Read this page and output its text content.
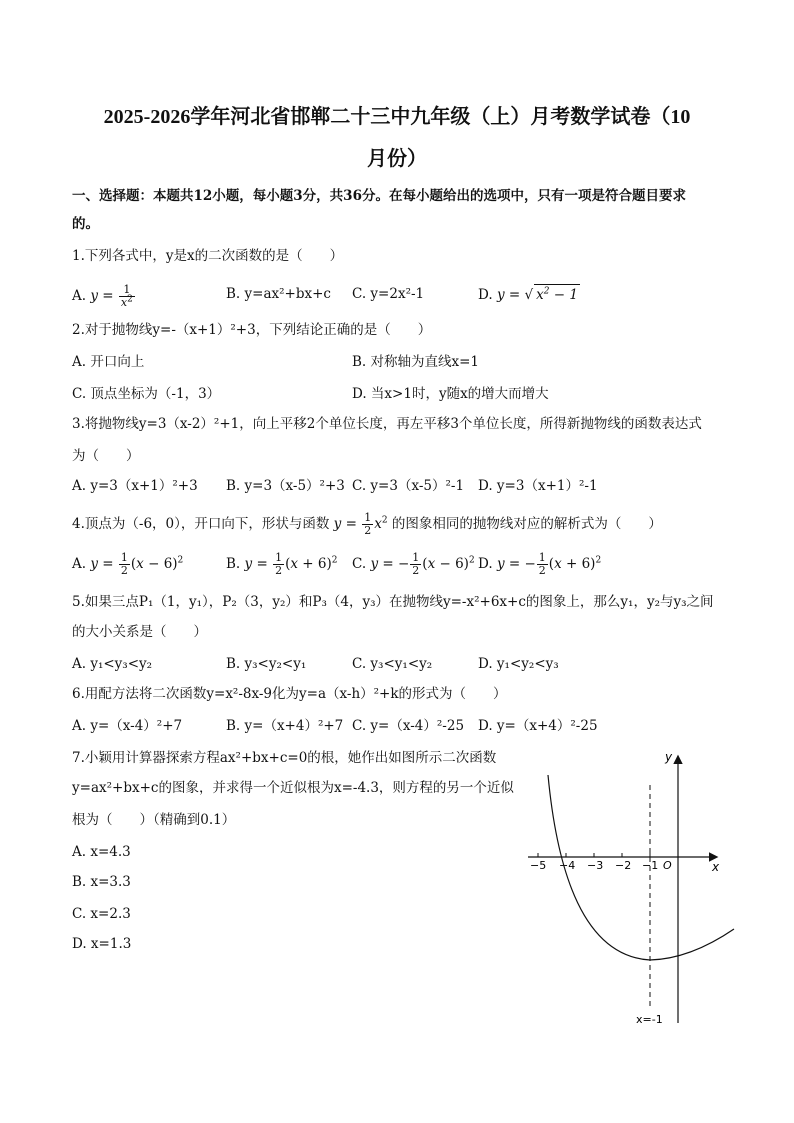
2025-2026学年河北省邯郸二十三中九年级（上）月考数学试卷（10
月份）
一、选择题：本题共12小题，每小题3分，共36分。在每小题给出的选项中，只有一项是符合题目要求
的。
1.下列各式中，y是x的二次函数的是（　　）
A. $y = \frac{1}{x^2}$	B. y=ax²+bx+c C. y=2x²-1	D. y = √ $x^2 - 1$
2.对于抛物线y=-（x+1）²+3，下列结论正确的是（　　）
A. 开口向上	B. 对称轴为直线x=1
C. 顶点坐标为（-1，3）	D. 当x>1时，y随x的增大而增大
3.将抛物线y=3（x-2）²+1，向上平移2个单位长度，再左平移3个单位长度，所得新抛物线的函数表达式
为（　　）
A. y=3（x+1）²+3 B. y=3（x-5）²+3 C. y=3（x-5）²-1 D. y=3（x+1）²-1
4.顶点为（-6，0），开口向下，形状与函数 $y = \frac{1}{2} x^2$ 的图象相同的抛物线对应的解析式为（　　）
A. $y = \frac{1}{2} (x - 6)^2$	B. $y = \frac{1}{2} (x + 6)^2$ C. y = − $\frac{1}{2} (x - 6)^2$ D. y = − $\frac{1}{2} (x + 6)^2$
5.如果三点P₁（1，y₁），P₂（3，y₂）和P₃（4，y₃）在抛物线y=-x²+6x+c的图象上，那么y₁，y₂与y₃之间
的大小关系是（　　）
A. y₁<y₃<y₂	B. y₃<y₂<y₁	C. y₃<y₁<y₂	D. y₁<y₂<y₃
6.用配方法将二次函数y=x²-8x-9化为y=a（x-h）²+k的形式为（　　）
A. y=（x-4）²+7	B. y=（x+4）²+7 C. y=（x-4）²-25 D. y=（x+4）²-25
7.小颖用计算器探索方程ax²+bx+c=0的根，她作出如图所示二次函数
y=ax²+bx+c的图象，并求得一个近似根为x=-4.3，则方程的另一个近似
根为（　　）（精确到0.1）
A. x=4.3
B. x=3.3
C. x=2.3
D. x=1.3
−5 −4 −3 −2 −1 O	x
y
x=-1
